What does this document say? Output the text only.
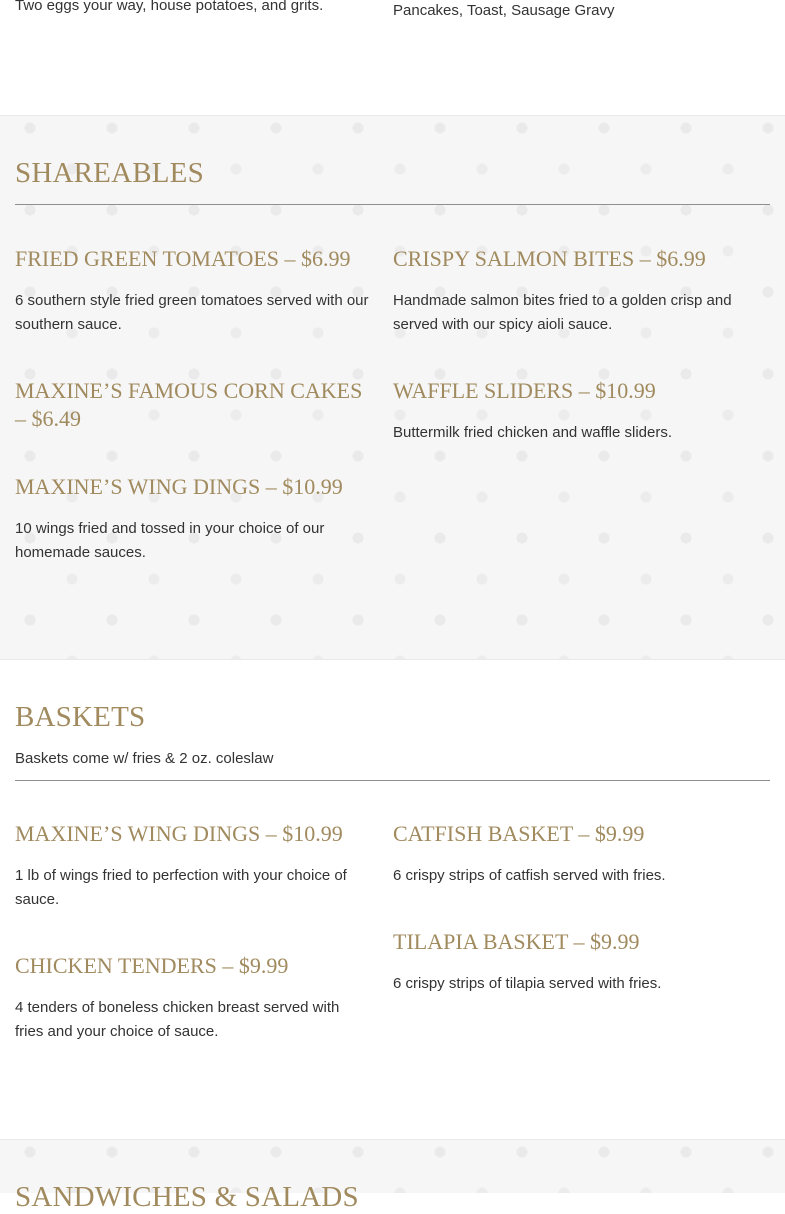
Two eggs your way, house potatoes, and grits.	Pancakes, Toast, Sausage Gravy
SHAREABLES
FRIED GREEN TOMATOES – $6.99
6 southern style fried green tomatoes served with our southern sauce.
CRISPY SALMON BITES – $6.99
Handmade salmon bites fried to a golden crisp and served with our spicy aioli sauce.
MAXINE’S FAMOUS CORN CAKES – $6.49
WAFFLE SLIDERS – $10.99
Buttermilk fried chicken and waffle sliders.
MAXINE’S WING DINGS – $10.99
10 wings fried and tossed in your choice of our homemade sauces.
BASKETS
Baskets come w/ fries & 2 oz. coleslaw
MAXINE’S WING DINGS – $10.99
1 lb of wings fried to perfection with your choice of sauce.
CATFISH BASKET – $9.99
6 crispy strips of catfish served with fries.
CHICKEN TENDERS – $9.99
4 tenders of boneless chicken breast served with fries and your choice of sauce.
TILAPIA BASKET – $9.99
6 crispy strips of tilapia served with fries.
SANDWICHES & SALADS
